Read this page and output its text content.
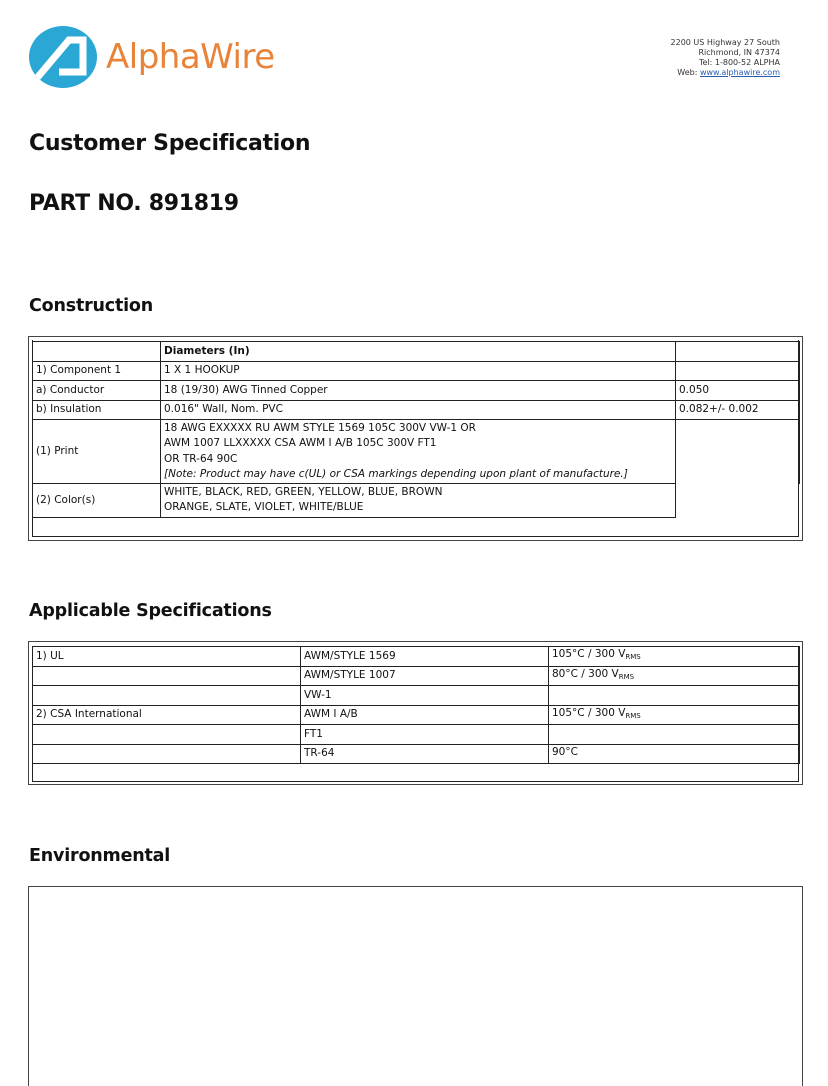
AlphaWire	2200 US Highway 27 South
Richmond, IN 47374
Tel: 1-800-52 ALPHA
Web: www.alphawire.com
Customer Specification
PART NO. 891819
Construction
	Diameters (In)	
1) Component 1	1 X 1 HOOKUP	
a) Conductor	18 (19/30) AWG Tinned Copper	0.050
b) Insulation	0.016" Wall, Nom. PVC	0.082+/- 0.002
(1) Print	18 AWG EXXXXX RU AWM STYLE 1569 105C 300V VW-1 OR
AWM 1007 LLXXXXX CSA AWM I A/B 105C 300V FT1
OR TR-64 90C
[Note: Product may have c(UL) or CSA markings depending upon plant of manufacture.]	

(2) Color(s)	WHITE, BLACK, RED, GREEN, YELLOW, BLUE, BROWN
ORANGE, SLATE, VIOLET, WHITE/BLUE	

Applicable Specifications
1) UL	AWM/STYLE 1569	105°C / 300 $V_{RMS}$
	AWM/STYLE 1007	80°C / 300 $V_{RMS}$
	VW-1	
2) CSA International	AWM I A/B	105°C / 300 $V_{RMS}$
	FT1	
	TR-64	90°C
Environmental
